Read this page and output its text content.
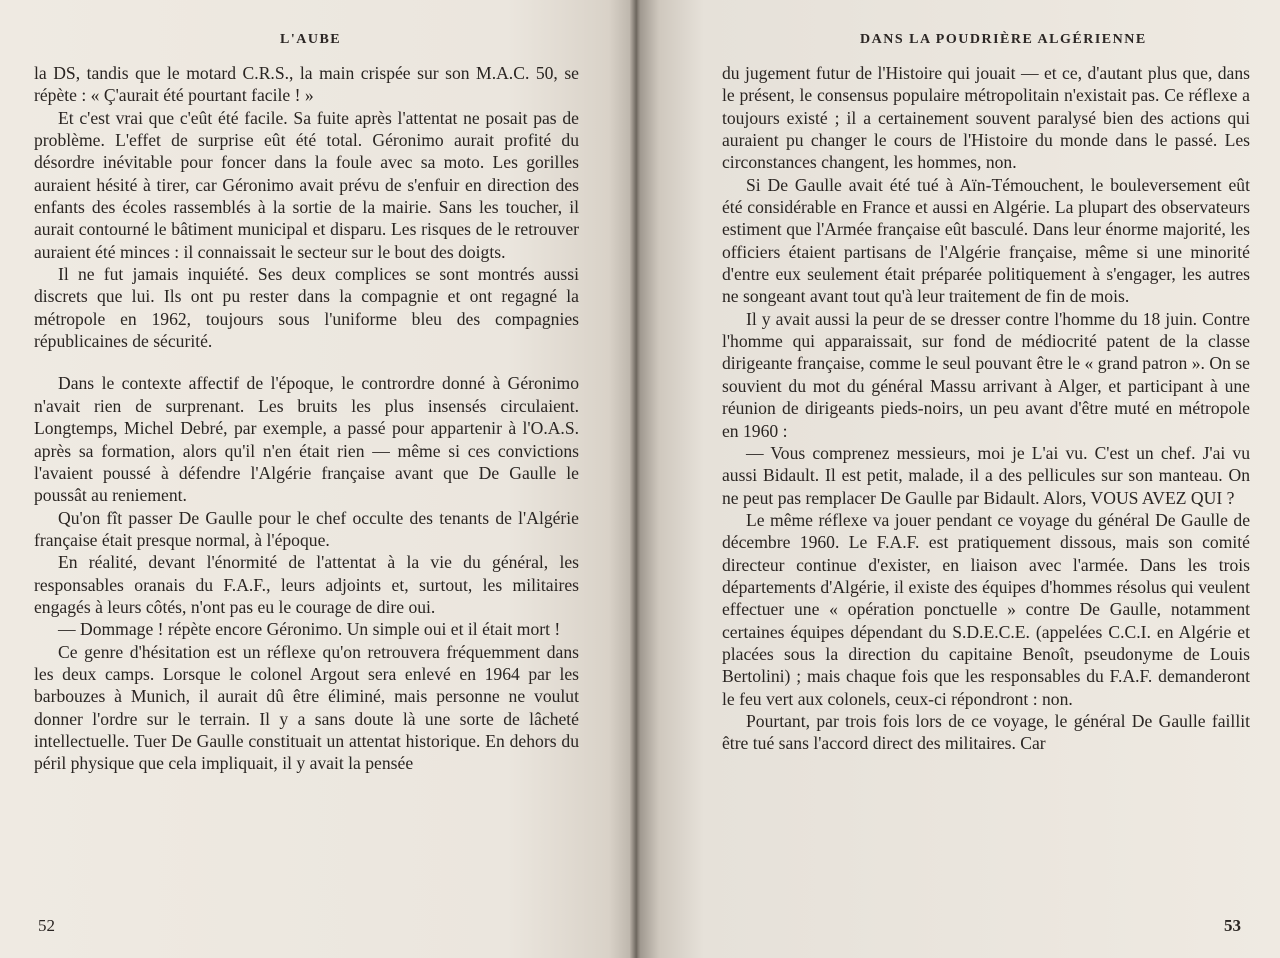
L'AUBE

la DS, tandis que le motard C.R.S., la main crispée sur son M.A.C. 50, se répète : « Ç'aurait été pourtant facile ! »

Et c'est vrai que c'eût été facile. Sa fuite après l'attentat ne posait pas de problème. L'effet de surprise eût été total. Géronimo aurait profité du désordre inévitable pour foncer dans la foule avec sa moto. Les gorilles auraient hésité à tirer, car Géronimo avait prévu de s'enfuir en direction des enfants des écoles rassemblés à la sortie de la mairie. Sans les toucher, il aurait contourné le bâtiment municipal et disparu. Les risques de le retrouver auraient été minces : il connaissait le secteur sur le bout des doigts.

Il ne fut jamais inquiété. Ses deux complices se sont montrés aussi discrets que lui. Ils ont pu rester dans la compagnie et ont regagné la métropole en 1962, toujours sous l'uniforme bleu des compagnies républicaines de sécurité.

Dans le contexte affectif de l'époque, le contrordre donné à Géronimo n'avait rien de surprenant. Les bruits les plus insensés circulaient. Longtemps, Michel Debré, par exemple, a passé pour appartenir à l'O.A.S. après sa formation, alors qu'il n'en était rien — même si ces convictions l'avaient poussé à défendre l'Algérie française avant que De Gaulle le poussât au reniement.

Qu'on fît passer De Gaulle pour le chef occulte des tenants de l'Algérie française était presque normal, à l'époque.

En réalité, devant l'énormité de l'attentat à la vie du général, les responsables oranais du F.A.F., leurs adjoints et, surtout, les militaires engagés à leurs côtés, n'ont pas eu le courage de dire oui.

— Dommage ! répète encore Géronimo. Un simple oui et il était mort !

Ce genre d'hésitation est un réflexe qu'on retrouvera fréquemment dans les deux camps. Lorsque le colonel Argout sera enlevé en 1964 par les barbouzes à Munich, il aurait dû être éliminé, mais personne ne voulut donner l'ordre sur le terrain. Il y a sans doute là une sorte de lâcheté intellectuelle. Tuer De Gaulle constituait un attentat historique. En dehors du péril physique que cela impliquait, il y avait la pensée

52
DANS LA POUDRIÈRE ALGÉRIENNE

du jugement futur de l'Histoire qui jouait — et ce, d'autant plus que, dans le présent, le consensus populaire métropolitain n'existait pas. Ce réflexe a toujours existé ; il a certainement souvent paralysé bien des actions qui auraient pu changer le cours de l'Histoire du monde dans le passé. Les circonstances changent, les hommes, non.

Si De Gaulle avait été tué à Aïn-Témouchent, le bouleversement eût été considérable en France et aussi en Algérie. La plupart des observateurs estiment que l'Armée française eût basculé. Dans leur énorme majorité, les officiers étaient partisans de l'Algérie française, même si une minorité d'entre eux seulement était préparée politiquement à s'engager, les autres ne songeant avant tout qu'à leur traitement de fin de mois.

Il y avait aussi la peur de se dresser contre l'homme du 18 juin. Contre l'homme qui apparaissait, sur fond de médiocrité patent de la classe dirigeante française, comme le seul pouvant être le « grand patron ». On se souvient du mot du général Massu arrivant à Alger, et participant à une réunion de dirigeants pieds-noirs, un peu avant d'être muté en métropole en 1960 :

— Vous comprenez messieurs, moi je L'ai vu. C'est un chef. J'ai vu aussi Bidault. Il est petit, malade, il a des pellicules sur son manteau. On ne peut pas remplacer De Gaulle par Bidault. Alors, VOUS AVEZ QUI ?

Le même réflexe va jouer pendant ce voyage du général De Gaulle de décembre 1960. Le F.A.F. est pratiquement dissous, mais son comité directeur continue d'exister, en liaison avec l'armée. Dans les trois départements d'Algérie, il existe des équipes d'hommes résolus qui veulent effectuer une « opération ponctuelle » contre De Gaulle, notamment certaines équipes dépendant du S.D.E.C.E. (appelées C.C.I. en Algérie et placées sous la direction du capitaine Benoît, pseudonyme de Louis Bertolini) ; mais chaque fois que les responsables du F.A.F. demanderont le feu vert aux colonels, ceux-ci répondront : non.

Pourtant, par trois fois lors de ce voyage, le général De Gaulle faillit être tué sans l'accord direct des militaires. Car

53
